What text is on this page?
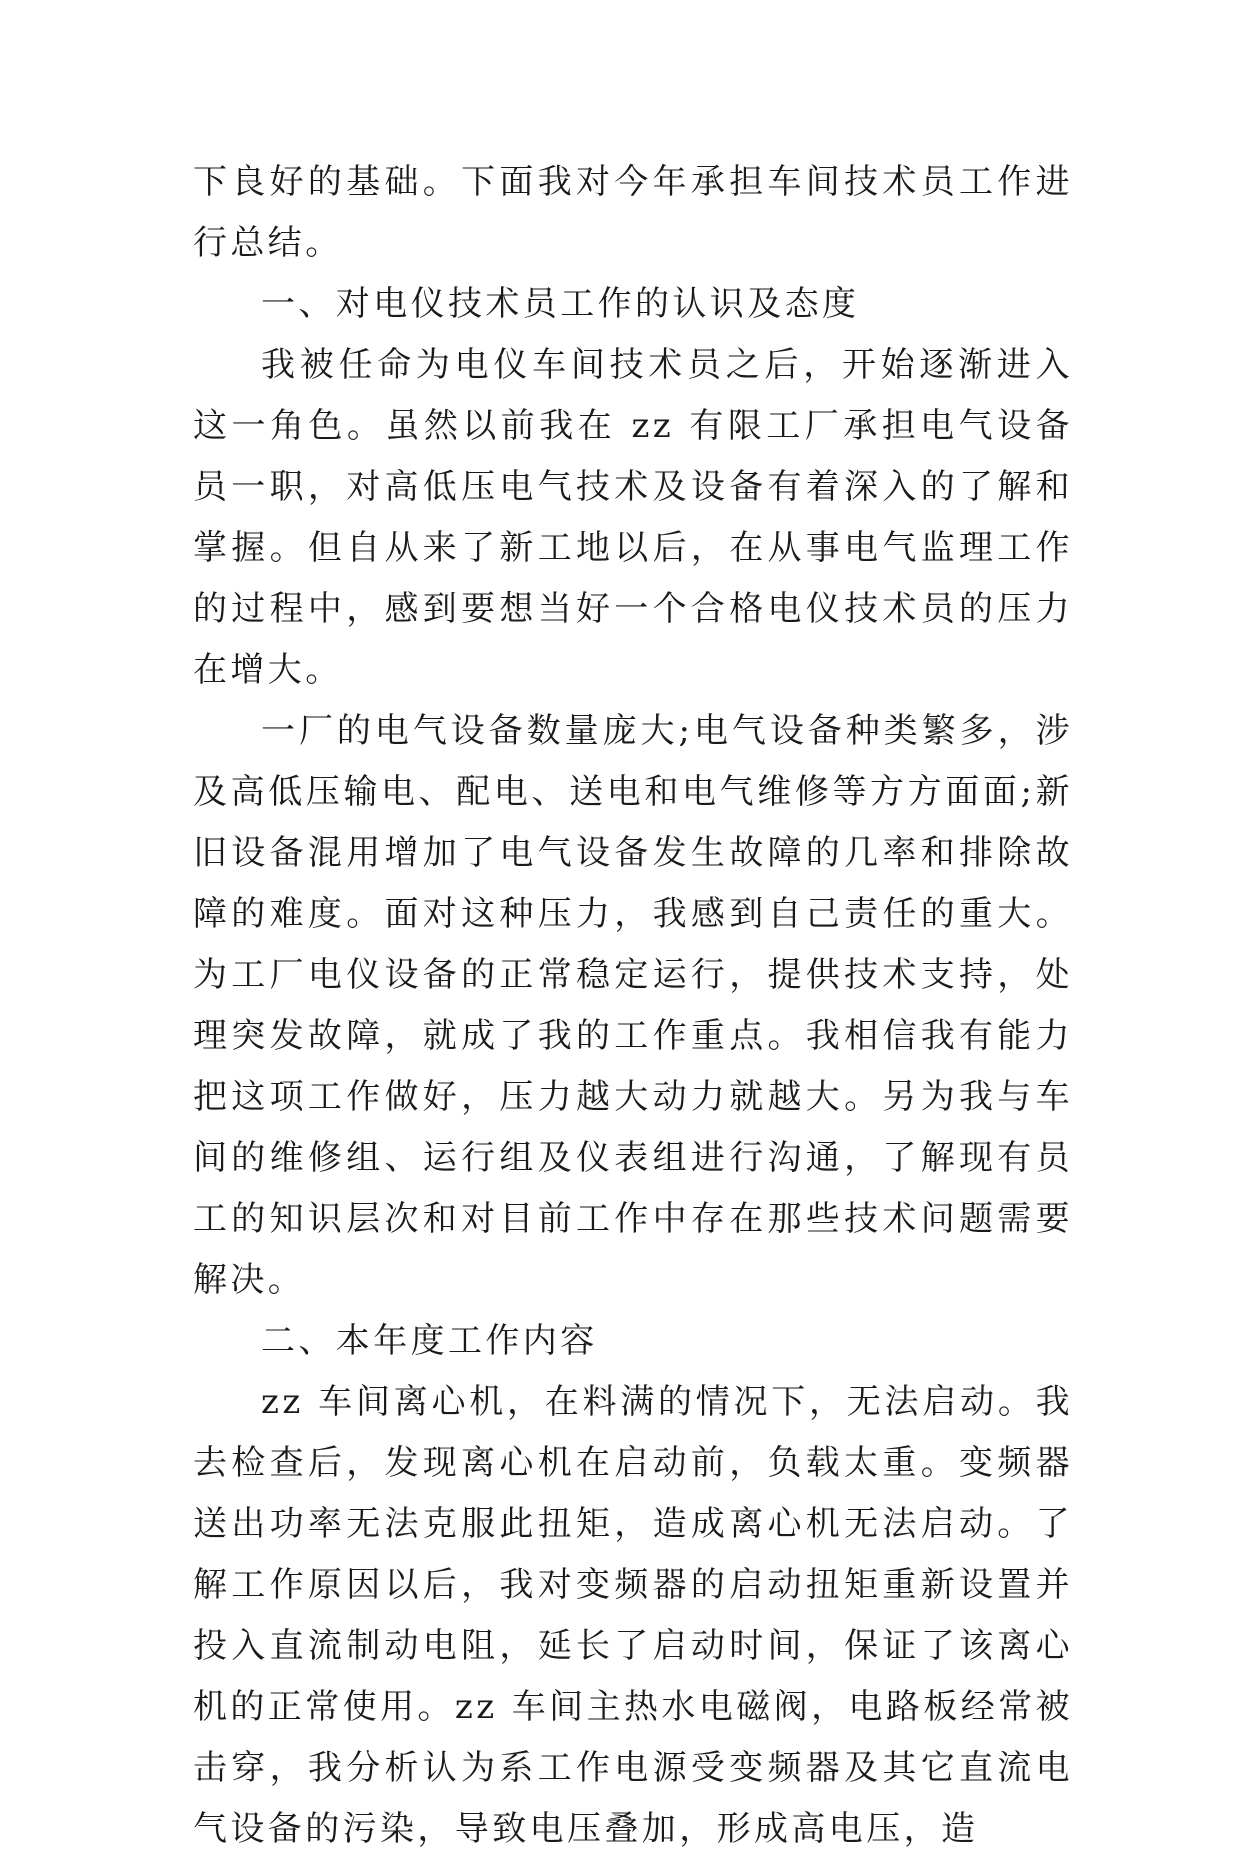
下良好的基础。下面我对今年承担车间技术员工作进行总结。

一、对电仪技术员工作的认识及态度

我被任命为电仪车间技术员之后，开始逐渐进入这一角色。虽然以前我在 zz 有限工厂承担电气设备员一职，对高低压电气技术及设备有着深入的了解和掌握。但自从来了新工地以后，在从事电气监理工作的过程中，感到要想当好一个合格电仪技术员的压力在增大。

一厂的电气设备数量庞大;电气设备种类繁多，涉及高低压输电、配电、送电和电气维修等方方面面;新旧设备混用增加了电气设备发生故障的几率和排除故障的难度。面对这种压力，我感到自己责任的重大。为工厂电仪设备的正常稳定运行，提供技术支持，处理突发故障，就成了我的工作重点。我相信我有能力把这项工作做好，压力越大动力就越大。另为我与车间的维修组、运行组及仪表组进行沟通，了解现有员工的知识层次和对目前工作中存在那些技术问题需要解决。

二、本年度工作内容

zz 车间离心机，在料满的情况下，无法启动。我去检查后，发现离心机在启动前，负载太重。变频器送出功率无法克服此扭矩，造成离心机无法启动。了解工作原因以后，我对变频器的启动扭矩重新设置并投入直流制动电阻，延长了启动时间，保证了该离心机的正常使用。zz 车间主热水电磁阀，电路板经常被击穿，我分析认为系工作电源受变频器及其它直流电气设备的污染，导致电压叠加，形成高电压，造
